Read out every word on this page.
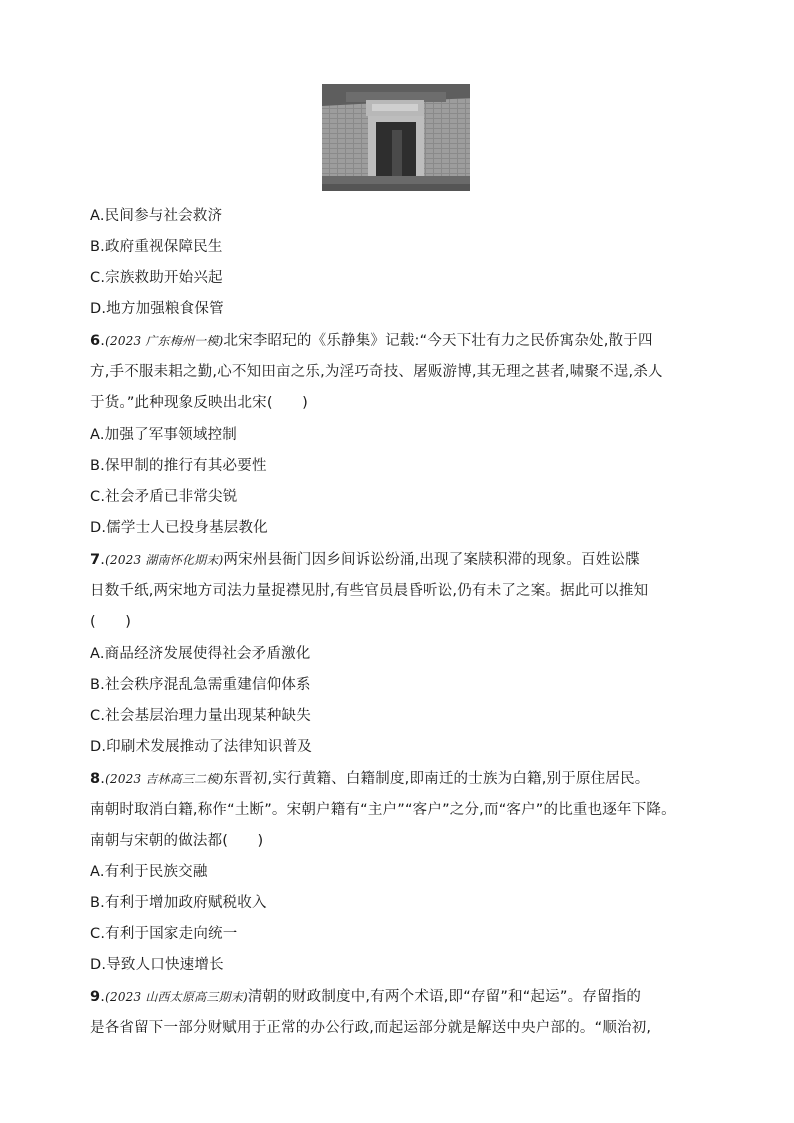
A.民间参与社会救济
B.政府重视保障民生
C.宗族救助开始兴起
D.地方加强粮食保管
6.(2023 广东梅州一模)北宋李昭玘的《乐静集》记载:“今天下壮有力之民侨寓杂处,散于四
方,手不服耒耜之勤,心不知田亩之乐,为淫巧奇技、屠贩游博,其无理之甚者,啸聚不逞,杀人
于货。”此种现象反映出北宋(　　)
A.加强了军事领域控制
B.保甲制的推行有其必要性
C.社会矛盾已非常尖锐
D.儒学士人已投身基层教化
7.(2023 湖南怀化期末)两宋州县衙门因乡间诉讼纷涌,出现了案牍积滞的现象。百姓讼牒
日数千纸,两宋地方司法力量捉襟见肘,有些官员晨昏听讼,仍有未了之案。据此可以推知
(　　)
A.商品经济发展使得社会矛盾激化
B.社会秩序混乱急需重建信仰体系
C.社会基层治理力量出现某种缺失
D.印刷术发展推动了法律知识普及
8.(2023 吉林高三二模)东晋初,实行黄籍、白籍制度,即南迁的士族为白籍,别于原住居民。
南朝时取消白籍,称作“土断”。宋朝户籍有“主户”“客户”之分,而“客户”的比重也逐年下降。
南朝与宋朝的做法都(　　)
A.有利于民族交融
B.有利于增加政府赋税收入
C.有利于国家走向统一
D.导致人口快速增长
9.(2023 山西太原高三期末)清朝的财政制度中,有两个术语,即“存留”和“起运”。存留指的
是各省留下一部分财赋用于正常的办公行政,而起运部分就是解送中央户部的。“顺治初,
